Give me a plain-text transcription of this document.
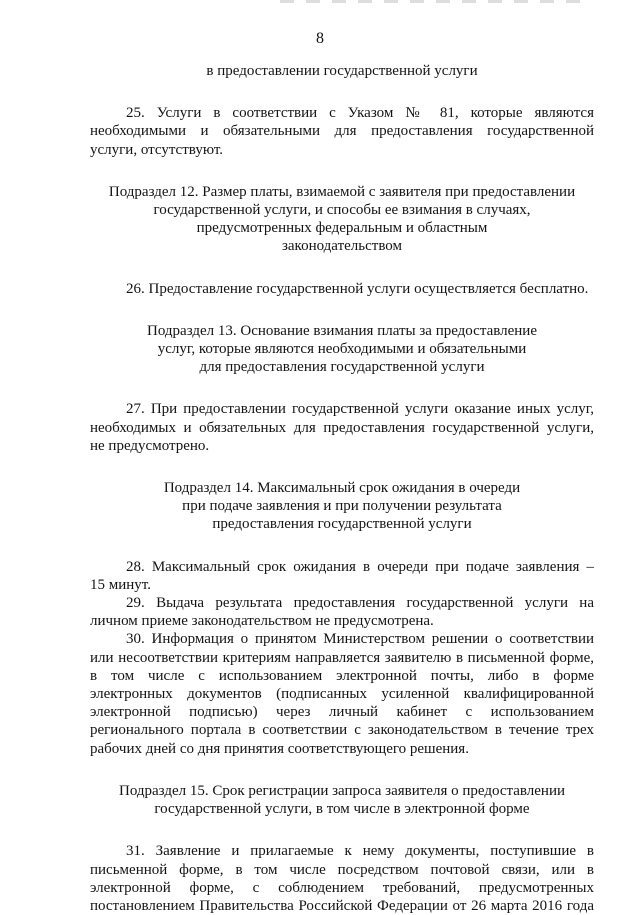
8
в предоставлении государственной услуги
25. Услуги в соответствии с Указом № 81, которые являются
необходимыми и обязательными для предоставления государственной
услуги, отсутствуют.
Подраздел 12. Размер платы, взимаемой с заявителя при предоставлении
государственной услуги, и способы ее взимания в случаях,
предусмотренных федеральным и областным
законодательством
26. Предоставление государственной услуги осуществляется бесплатно.
Подраздел 13. Основание взимания платы за предоставление
услуг, которые являются необходимыми и обязательными
для предоставления государственной услуги
27. При предоставлении государственной услуги оказание иных услуг,
необходимых и обязательных для предоставления государственной услуги,
не предусмотрено.
Подраздел 14. Максимальный срок ожидания в очереди
при подаче заявления и при получении результата
предоставления государственной услуги
28. Максимальный срок ожидания в очереди при подаче заявления –
15 минут.
29. Выдача результата предоставления государственной услуги на
личном приеме законодательством не предусмотрена.
30. Информация о принятом Министерством решении о соответствии
или несоответствии критериям направляется заявителю в письменной форме,
в том числе с использованием электронной почты, либо в форме
электронных документов (подписанных усиленной квалифицированной
электронной подписью) через личный кабинет с использованием
регионального портала в соответствии с законодательством в течение трех
рабочих дней со дня принятия соответствующего решения.
Подраздел 15. Срок регистрации запроса заявителя о предоставлении
государственной услуги, в том числе в электронной форме
31. Заявление и прилагаемые к нему документы, поступившие в
письменной форме, в том числе посредством почтовой связи, или в
электронной форме, с соблюдением требований, предусмотренных
постановлением Правительства Российской Федерации от 26 марта 2016 года
